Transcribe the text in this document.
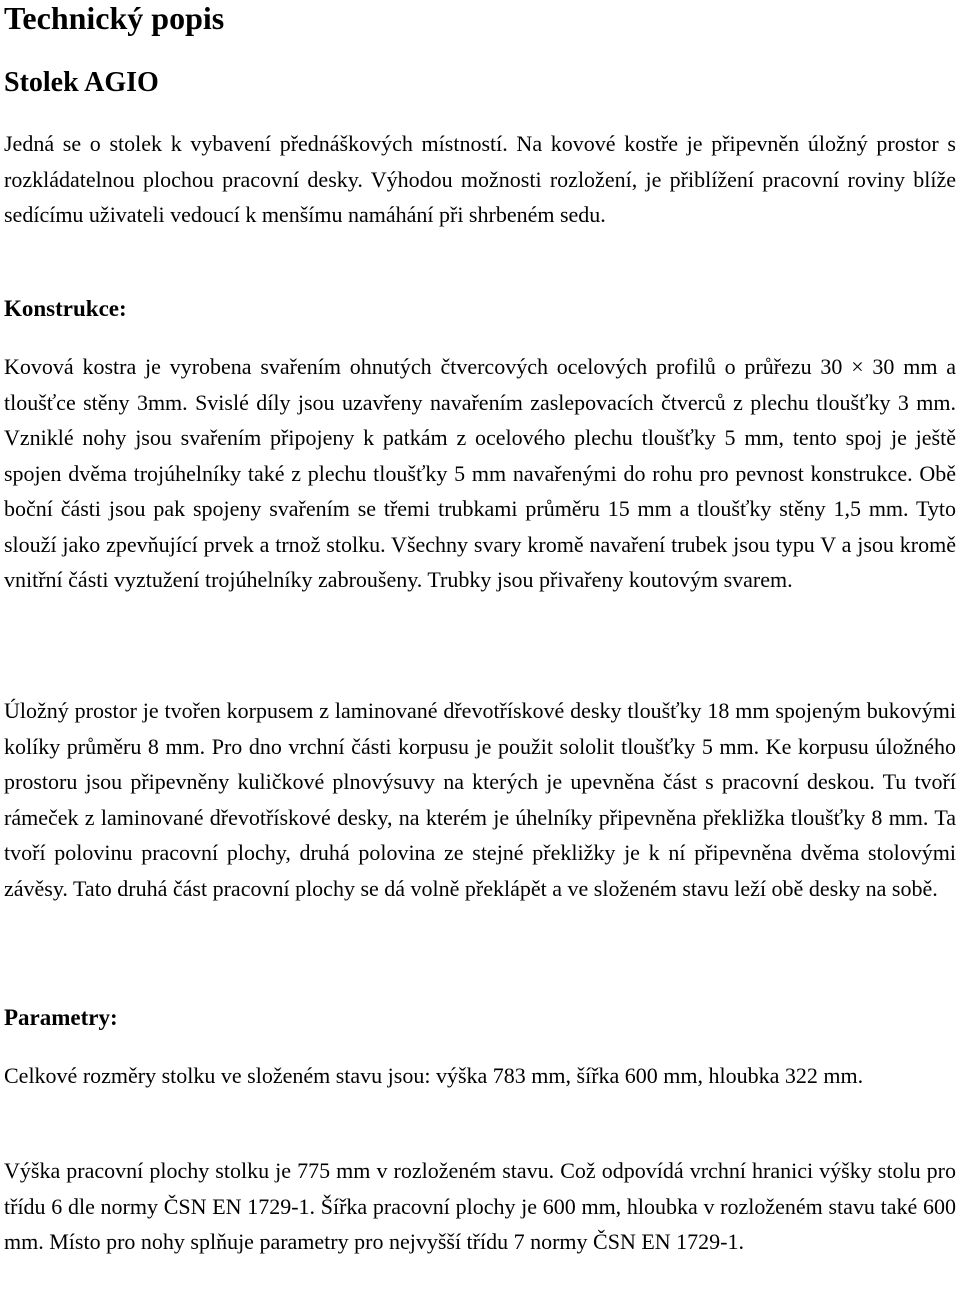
Technický popis
Stolek AGIO

Jedná se o stolek k vybavení přednáškových místností. Na kovové kostře je připevněn úložný prostor s rozkládatelnou plochou pracovní desky. Výhodou možnosti rozložení, je přiblížení pracovní roviny blíže sedícímu uživateli vedoucí k menšímu namáhání při shrbeném sedu.

Konstrukce:

Kovová kostra je vyrobena svařením ohnutých čtvercových ocelových profilů o průřezu 30 × 30 mm a tloušťce stěny 3mm. Svislé díly jsou uzavřeny navařením zaslepovacích čtverců z plechu tloušťky 3 mm. Vzniklé nohy jsou svařením připojeny k patkám z ocelového plechu tloušťky 5 mm, tento spoj je ještě spojen dvěma trojúhelníky také z plechu tloušťky 5 mm navařenými do rohu pro pevnost konstrukce. Obě boční části jsou pak spojeny svařením se třemi trubkami průměru 15 mm a tloušťky stěny 1,5 mm. Tyto slouží jako zpevňující prvek a trnož stolku. Všechny svary kromě navaření trubek jsou typu V a jsou kromě vnitřní části vyztužení trojúhelníky zabroušeny. Trubky jsou přivařeny koutovým svarem.

Úložný prostor je tvořen korpusem z laminované dřevotřískové desky tloušťky 18 mm spojeným bukovými kolíky průměru 8 mm. Pro dno vrchní části korpusu je použit sololit tloušťky 5 mm. Ke korpusu úložného prostoru jsou připevněny kuličkové plnovýsuvy na kterých je upevněna část s pracovní deskou. Tu tvoří rámeček z laminované dřevotřískové desky, na kterém je úhelníky připevněna překližka tloušťky 8 mm. Ta tvoří polovinu pracovní plochy, druhá polovina ze stejné překližky je k ní připevněna dvěma stolovými závěsy. Tato druhá část pracovní plochy se dá volně překlápět a ve složeném stavu leží obě desky na sobě.

Parametry:

Celkové rozměry stolku ve složeném stavu jsou: výška 783 mm, šířka 600 mm, hloubka 322 mm.

Výška pracovní plochy stolku je 775 mm v rozloženém stavu. Což odpovídá vrchní hranici výšky stolu pro třídu 6 dle normy ČSN EN 1729-1. Šířka pracovní plochy je 600 mm, hloubka v rozloženém stavu také 600 mm. Místo pro nohy splňuje parametry pro nejvyšší třídu 7 normy ČSN EN 1729-1.
